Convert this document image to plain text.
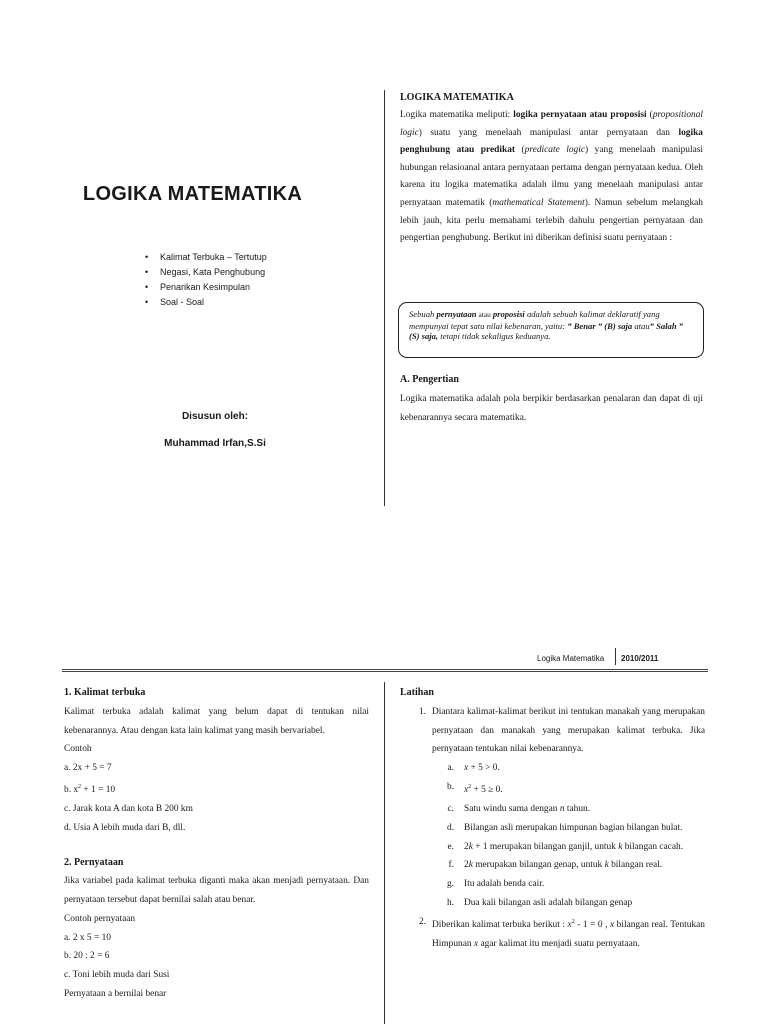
LOGIKA MATEMATIKA
• Kalimat Terbuka – Tertutup
• Negasi, Kata Penghubung
• Penarikan Kesimpulan
• Soal - Soal
Disusun oleh:
Muhammad Irfan,S.Si
LOGIKA MATEMATIKA

Logika matematika meliputi: logika pernyataan atau proposisi (propositional logic) suatu yang menelaah manipulasi antar pernyataan dan logika penghubung atau predikat (predicate logic) yang menelaah manipulasi hubungan relasioanal antara pernyataan pertama dengan pernyataan kedua. Oleh karena itu logika matematika adalah ilmu yang menelaah manipulasi antar pernyataan matematik (mathematical Statement). Namun sebelum melangkah lebih jauh, kita perlu memahami terlebih dahulu pengertian pernyataan dan pengertian penghubung. Berikut ini diberikan definisi suatu pernyataan :

Sebuah pernyataan atau proposisi adalah sebuah kalimat deklaratif yang mempunyai tepat satu nilai kebenaran, yaitu: ” Benar ” (B) saja atau” Salah ” (S) saja, tetapi tidak sekaligus keduanya.
A. Pengertian
Logika matematika adalah pola berpikir berdasarkan penalaran dan dapat di uji kebenarannya secara matematika.
Logika Matematika 2010/2011
1. Kalimat terbuka

Kalimat terbuka adalah kalimat yang belum dapat di tentukan nilai kebenarannya. Atau dengan kata lain kalimat yang masih bervariabel.

Contoh

a. 2x + 5 = 7

b. $x^2 + 1 = 10$

c. Jarak kota A dan kota B 200 km

d. Usia A lebih muda dari B, dll.

2. Pernyataan

Jika variabel pada kalimat terbuka diganti maka akan menjadi pernyataan. Dan pernyataan tersebut dapat bernilai salah atau benar.

Contoh pernyataan

a. 2 x 5 = 10

b. 20 : 2 = 6

c. Toni lebih muda dari Susi

Pernyataan a bernilai benar

Latihan
1. Diantara kalimat-kalimat berikut ini tentukan manakah yang merupakan pernyataan dan manakah yang merupakan kalimat terbuka. Jika pernyataan tentukan nilai kebenarannya.
a.	x + 5 > 0.
b.	$x^2 + 5 \ge 0$.
c.	Satu windu sama dengan n tahun.
d.	Bilangan asli merupakan himpunan bagian bilangan bulat.
e.	2k + 1 merupakan bilangan ganjil, untuk k bilangan cacah.
f.	2k merupakan bilangan genap, untuk k bilangan real.
g.	Itu adalah benda cair.
h.	Dua kali bilangan asli adalah bilangan genap
2. Diberikan kalimat terbuka berikut : $x^2 - 1 = 0$ , x bilangan real. Tentukan Himpunan x agar kalimat itu menjadi suatu pernyataan.
